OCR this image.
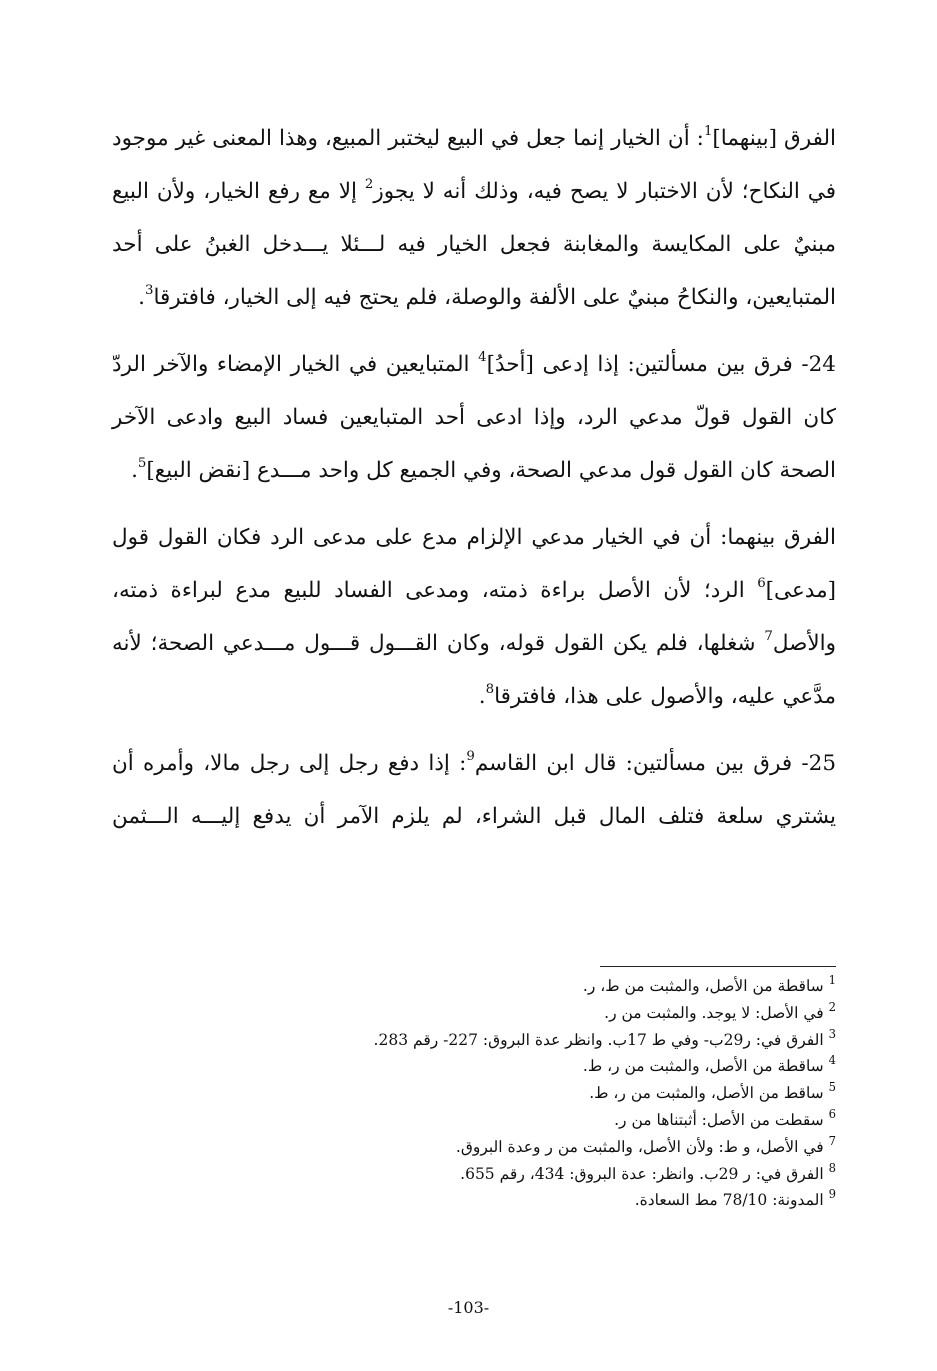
الفرق [بينهما]$^1$: أن الخيار إنما جعل في البيع ليختبر المبيع، وهذا المعنى غير موجود في النكاح؛ لأن الاختبار لا يصح فيه، وذلك أنه لا يجوز$^2$ إلا مع رفع الخيار، ولأن البيع مبنيٌ على المكايسة والمغابنة فجعل الخيار فيه لـــئلا يـــدخل الغبنُ على أحد المتبايعين، والنكاحُ مبنيٌ على الألفة والوصلة، فلم يحتج فيه إلى الخيار، فافترقا$^3$.

24- فرق بين مسألتين: إذا إدعى [أحدُ]$^4$ المتبايعين في الخيار الإمضاء والآخر الردّ كان القول قولّ مدعي الرد، وإذا ادعى أحد المتبايعين فساد البيع وادعى الآخر الصحة كان القول قول مدعي الصحة، وفي الجميع كل واحد مـــدع [نقض البيع]$^5$.

الفرق بينهما: أن في الخيار مدعي الإلزام مدع على مدعى الرد فكان القول قول [مدعى]$^6$ الرد؛ لأن الأصل براءة ذمته، ومدعى الفساد للبيع مدع لبراءة ذمته، والأصل$^7$ شغلها، فلم يكن القول قوله، وكان القـــول قـــول مـــدعي الصحة؛ لأنه مدَّعي عليه، والأصول على هذا، فافترقا$^8$.

25- فرق بين مسألتين: قال ابن القاسم$^9$: إذا دفع رجل إلى رجل مالا، وأمره أن يشتري سلعة فتلف المال قبل الشراء، لم يلزم الآمر أن يدفع إليـــه الـــثمن

$^1$ ساقطة من الأصل، والمثبت من ط، ر.
$^2$ في الأصل: لا يوجد. والمثبت من ر.
$^3$ الفرق في: ر29ب- وفي ط 17ب. وانظر عدة البروق: 227- رقم 283.
$^4$ ساقطة من الأصل، والمثبت من ر، ط.
$^5$ ساقط من الأصل، والمثبت من ر، ط.
$^6$ سقطت من الأصل: أثبتناها من ر.
$^7$ في الأصل، و ط: ولأن الأصل، والمثبت من ر وعدة البروق.
$^8$ الفرق في: ر 29ب. وانظر: عدة البروق: 434، رقم 655.
$^9$ المدونة: 78/10 مط السعادة.
-103-
